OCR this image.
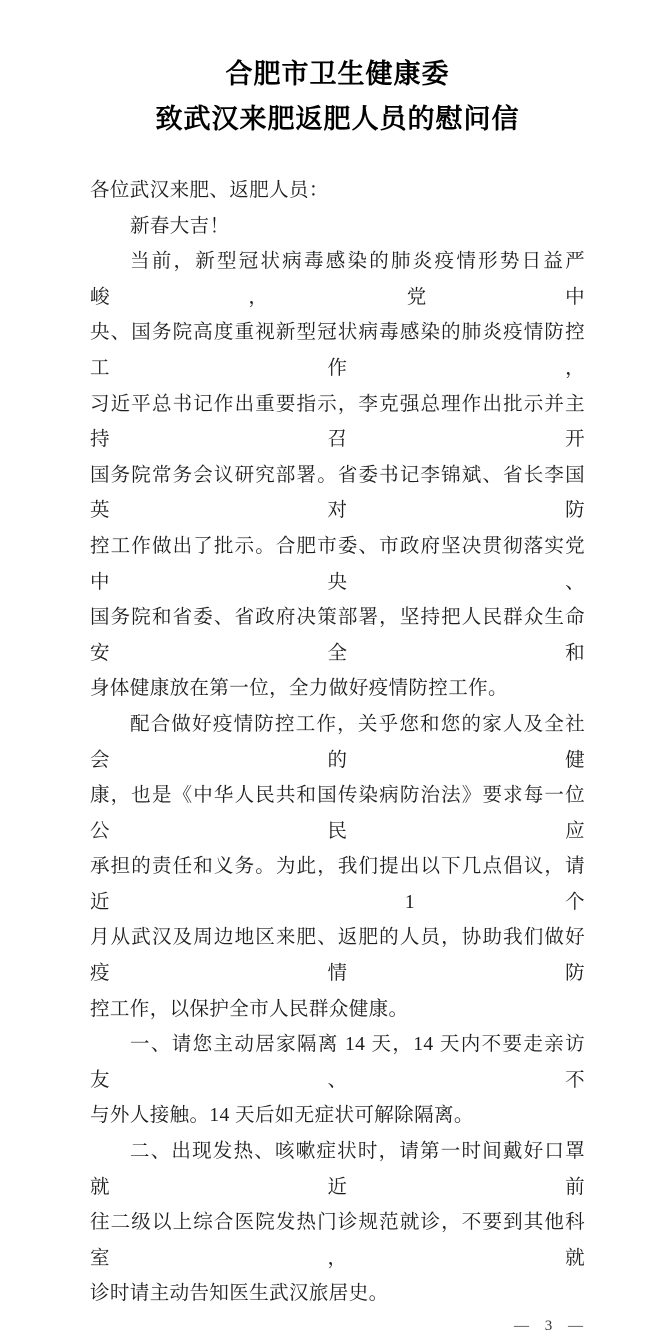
合肥市卫生健康委
致武汉来肥返肥人员的慰问信
各位武汉来肥、返肥人员：
新春大吉！
当前，新型冠状病毒感染的肺炎疫情形势日益严峻，党中
央、国务院高度重视新型冠状病毒感染的肺炎疫情防控工作，
习近平总书记作出重要指示，李克强总理作出批示并主持召开
国务院常务会议研究部署。省委书记李锦斌、省长李国英对防
控工作做出了批示。合肥市委、市政府坚决贯彻落实党中央、
国务院和省委、省政府决策部署，坚持把人民群众生命安全和
身体健康放在第一位，全力做好疫情防控工作。
配合做好疫情防控工作，关乎您和您的家人及全社会的健
康，也是《中华人民共和国传染病防治法》要求每一位公民应
承担的责任和义务。为此，我们提出以下几点倡议，请近 1 个
月从武汉及周边地区来肥、返肥的人员，协助我们做好疫情防
控工作，以保护全市人民群众健康。
一、请您主动居家隔离 14 天，14 天内不要走亲访友、不
与外人接触。14 天后如无症状可解除隔离。
二、出现发热、咳嗽症状时，请第一时间戴好口罩就近前
往二级以上综合医院发热门诊规范就诊，不要到其他科室，就
诊时请主动告知医生武汉旅居史。
— 3 —
